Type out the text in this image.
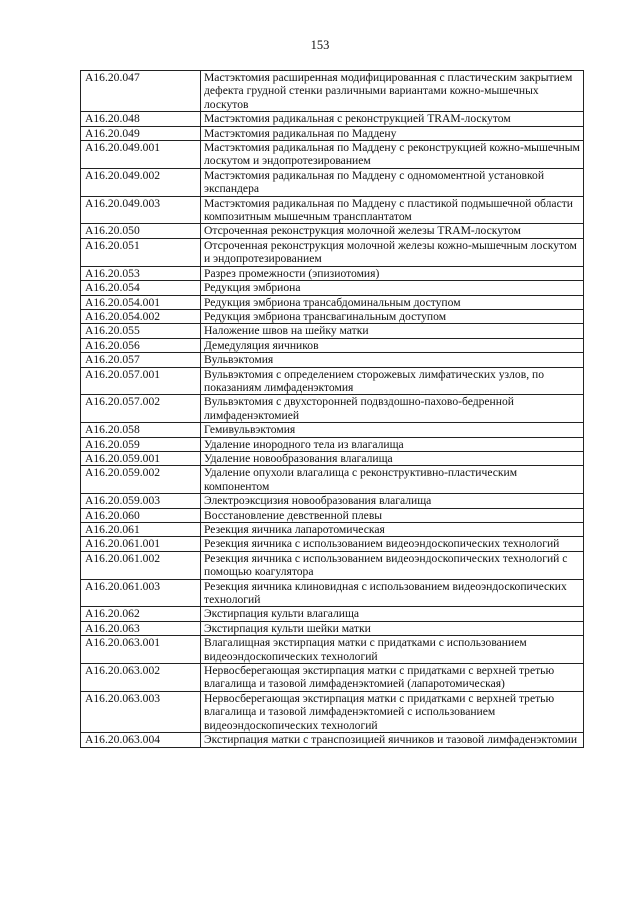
153
A16.20.047	Мастэктомия расширенная модифицированная с пластическим закрытием дефекта грудной стенки различными вариантами кожно-мышечных лоскутов
A16.20.048	Мастэктомия радикальная с реконструкцией TRAM-лоскутом
A16.20.049	Мастэктомия радикальная по Маддену
A16.20.049.001	Мастэктомия радикальная по Маддену с реконструкцией кожно-мышечным лоскутом и эндопротезированием
A16.20.049.002	Мастэктомия радикальная по Маддену с одномоментной установкой экспандера
A16.20.049.003	Мастэктомия радикальная по Маддену с пластикой подмышечной области композитным мышечным трансплантатом
A16.20.050	Отсроченная реконструкция молочной железы TRAM-лоскутом
A16.20.051	Отсроченная реконструкция молочной железы кожно-мышечным лоскутом и эндопротезированием
A16.20.053	Разрез промежности (эпизиотомия)
A16.20.054	Редукция эмбриона
A16.20.054.001	Редукция эмбриона трансабдоминальным доступом
A16.20.054.002	Редукция эмбриона трансвагинальным доступом
A16.20.055	Наложение швов на шейку матки
A16.20.056	Демедуляция яичников
A16.20.057	Вульвэктомия
A16.20.057.001	Вульвэктомия с определением сторожевых лимфатических узлов, по показаниям лимфаденэктомия
A16.20.057.002	Вульвэктомия с двухсторонней подвздошно-пахово-бедренной лимфаденэктомией
A16.20.058	Гемивульвэктомия
A16.20.059	Удаление инородного тела из влагалища
A16.20.059.001	Удаление новообразования влагалища
A16.20.059.002	Удаление опухоли влагалища с реконструктивно-пластическим компонентом
A16.20.059.003	Электроэксцизия новообразования влагалища
A16.20.060	Восстановление девственной плевы
A16.20.061	Резекция яичника лапаротомическая
A16.20.061.001	Резекция яичника с использованием видеоэндоскопических технологий
A16.20.061.002	Резекция яичника с использованием видеоэндоскопических технологий с помощью коагулятора
A16.20.061.003	Резекция яичника клиновидная с использованием видеоэндоскопических технологий
A16.20.062	Экстирпация культи влагалища
A16.20.063	Экстирпация культи шейки матки
A16.20.063.001	Влагалищная экстирпация матки с придатками с использованием видеоэндоскопических технологий
A16.20.063.002	Нервосберегающая экстирпация матки с придатками с верхней третью влагалища и тазовой лимфаденэктомией (лапаротомическая)
A16.20.063.003	Нервосберегающая экстирпация матки с придатками с верхней третью влагалища и тазовой лимфаденэктомией с использованием видеоэндоскопических технологий
A16.20.063.004	Экстирпация матки с транспозицией яичников и тазовой лимфаденэктомии
